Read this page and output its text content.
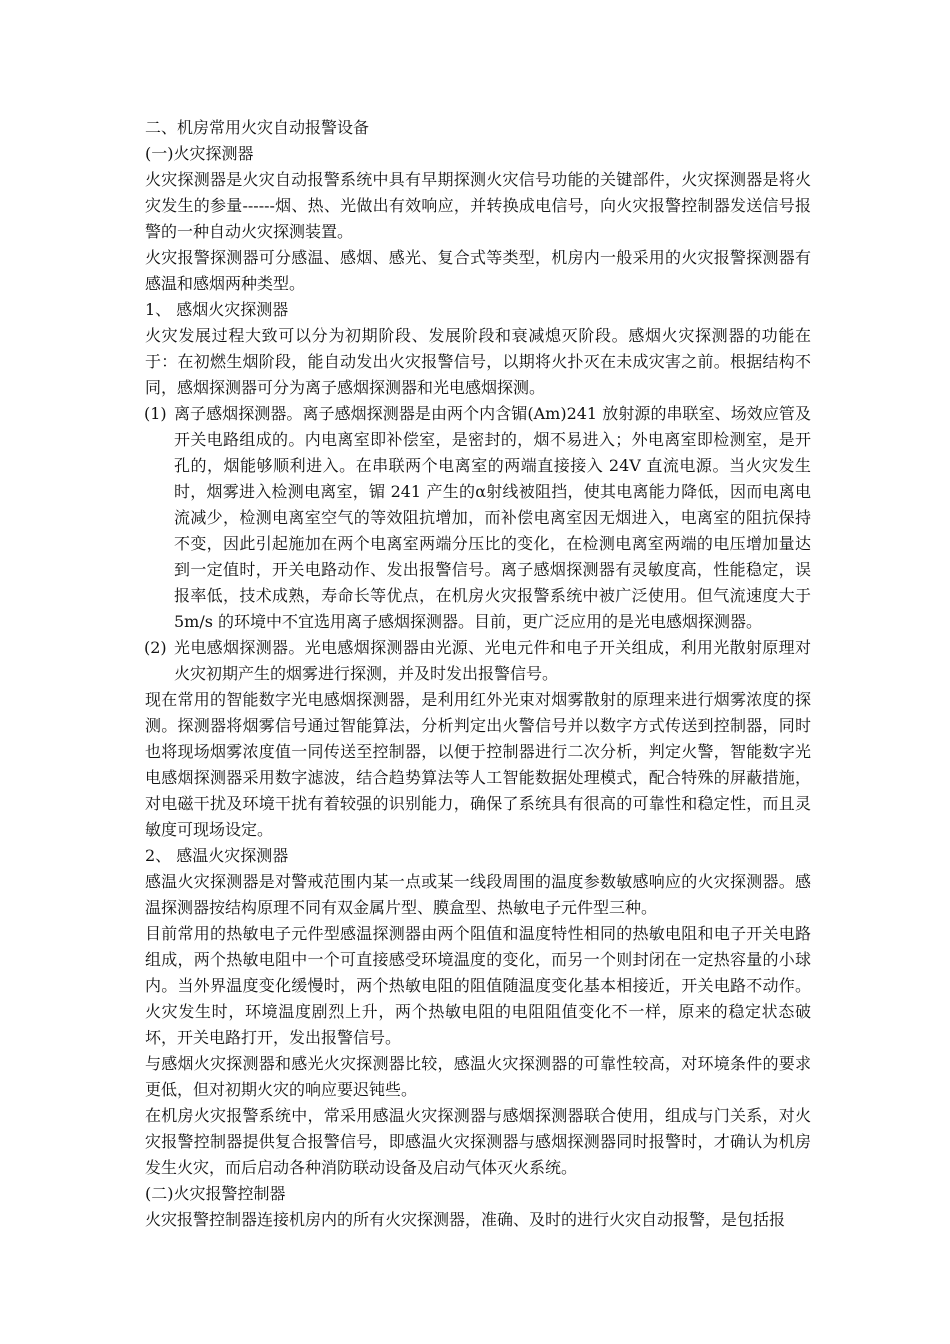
二、机房常用火灾自动报警设备

(一)火灾探测器

火灾探测器是火灾自动报警系统中具有早期探测火灾信号功能的关键部件，火灾探测器是将火灾发生的参量------烟、热、光做出有效响应，并转换成电信号，向火灾报警控制器发送信号报警的一种自动火灾探测装置。

火灾报警探测器可分感温、感烟、感光、复合式等类型，机房内一般采用的火灾报警探测器有感温和感烟两种类型。

1、 感烟火灾探测器

火灾发展过程大致可以分为初期阶段、发展阶段和衰减熄灭阶段。感烟火灾探测器的功能在于：在初燃生烟阶段，能自动发出火灾报警信号，以期将火扑灭在未成灾害之前。根据结构不同，感烟探测器可分为离子感烟探测器和光电感烟探测。

(1) 离子感烟探测器。离子感烟探测器是由两个内含镅(Am)241 放射源的串联室、场效应管及开关电路组成的。内电离室即补偿室，是密封的，烟不易进入；外电离室即检测室，是开孔的，烟能够顺利进入。在串联两个电离室的两端直接接入 24V 直流电源。当火灾发生时，烟雾进入检测电离室，镅 241 产生的α射线被阻挡，使其电离能力降低，因而电离电流减少，检测电离室空气的等效阻抗增加，而补偿电离室因无烟进入，电离室的阻抗保持不变，因此引起施加在两个电离室两端分压比的变化，在检测电离室两端的电压增加量达到一定值时，开关电路动作、发出报警信号。离子感烟探测器有灵敏度高，性能稳定，误报率低，技术成熟，寿命长等优点，在机房火灾报警系统中被广泛使用。但气流速度大于 5m/s 的环境中不宜选用离子感烟探测器。目前，更广泛应用的是光电感烟探测器。
(2) 光电感烟探测器。光电感烟探测器由光源、光电元件和电子开关组成，利用光散射原理对火灾初期产生的烟雾进行探测，并及时发出报警信号。

现在常用的智能数字光电感烟探测器，是利用红外光束对烟雾散射的原理来进行烟雾浓度的探测。探测器将烟雾信号通过智能算法，分析判定出火警信号并以数字方式传送到控制器，同时也将现场烟雾浓度值一同传送至控制器，以便于控制器进行二次分析，判定火警，智能数字光电感烟探测器采用数字滤波，结合趋势算法等人工智能数据处理模式，配合特殊的屏蔽措施，对电磁干扰及环境干扰有着较强的识别能力，确保了系统具有很高的可靠性和稳定性，而且灵敏度可现场设定。

2、 感温火灾探测器

感温火灾探测器是对警戒范围内某一点或某一线段周围的温度参数敏感响应的火灾探测器。感温探测器按结构原理不同有双金属片型、膜盒型、热敏电子元件型三种。

目前常用的热敏电子元件型感温探测器由两个阻值和温度特性相同的热敏电阻和电子开关电路组成，两个热敏电阻中一个可直接感受环境温度的变化，而另一个则封闭在一定热容量的小球内。当外界温度变化缓慢时，两个热敏电阻的阻值随温度变化基本相接近，开关电路不动作。火灾发生时，环境温度剧烈上升，两个热敏电阻的电阻阻值变化不一样，原来的稳定状态破坏，开关电路打开，发出报警信号。

与感烟火灾探测器和感光火灾探测器比较，感温火灾探测器的可靠性较高，对环境条件的要求更低，但对初期火灾的响应要迟钝些。

在机房火灾报警系统中，常采用感温火灾探测器与感烟探测器联合使用，组成与门关系，对火灾报警控制器提供复合报警信号，即感温火灾探测器与感烟探测器同时报警时，才确认为机房发生火灾，而后启动各种消防联动设备及启动气体灭火系统。

(二)火灾报警控制器

火灾报警控制器连接机房内的所有火灾探测器，准确、及时的进行火灾自动报警，是包括报
